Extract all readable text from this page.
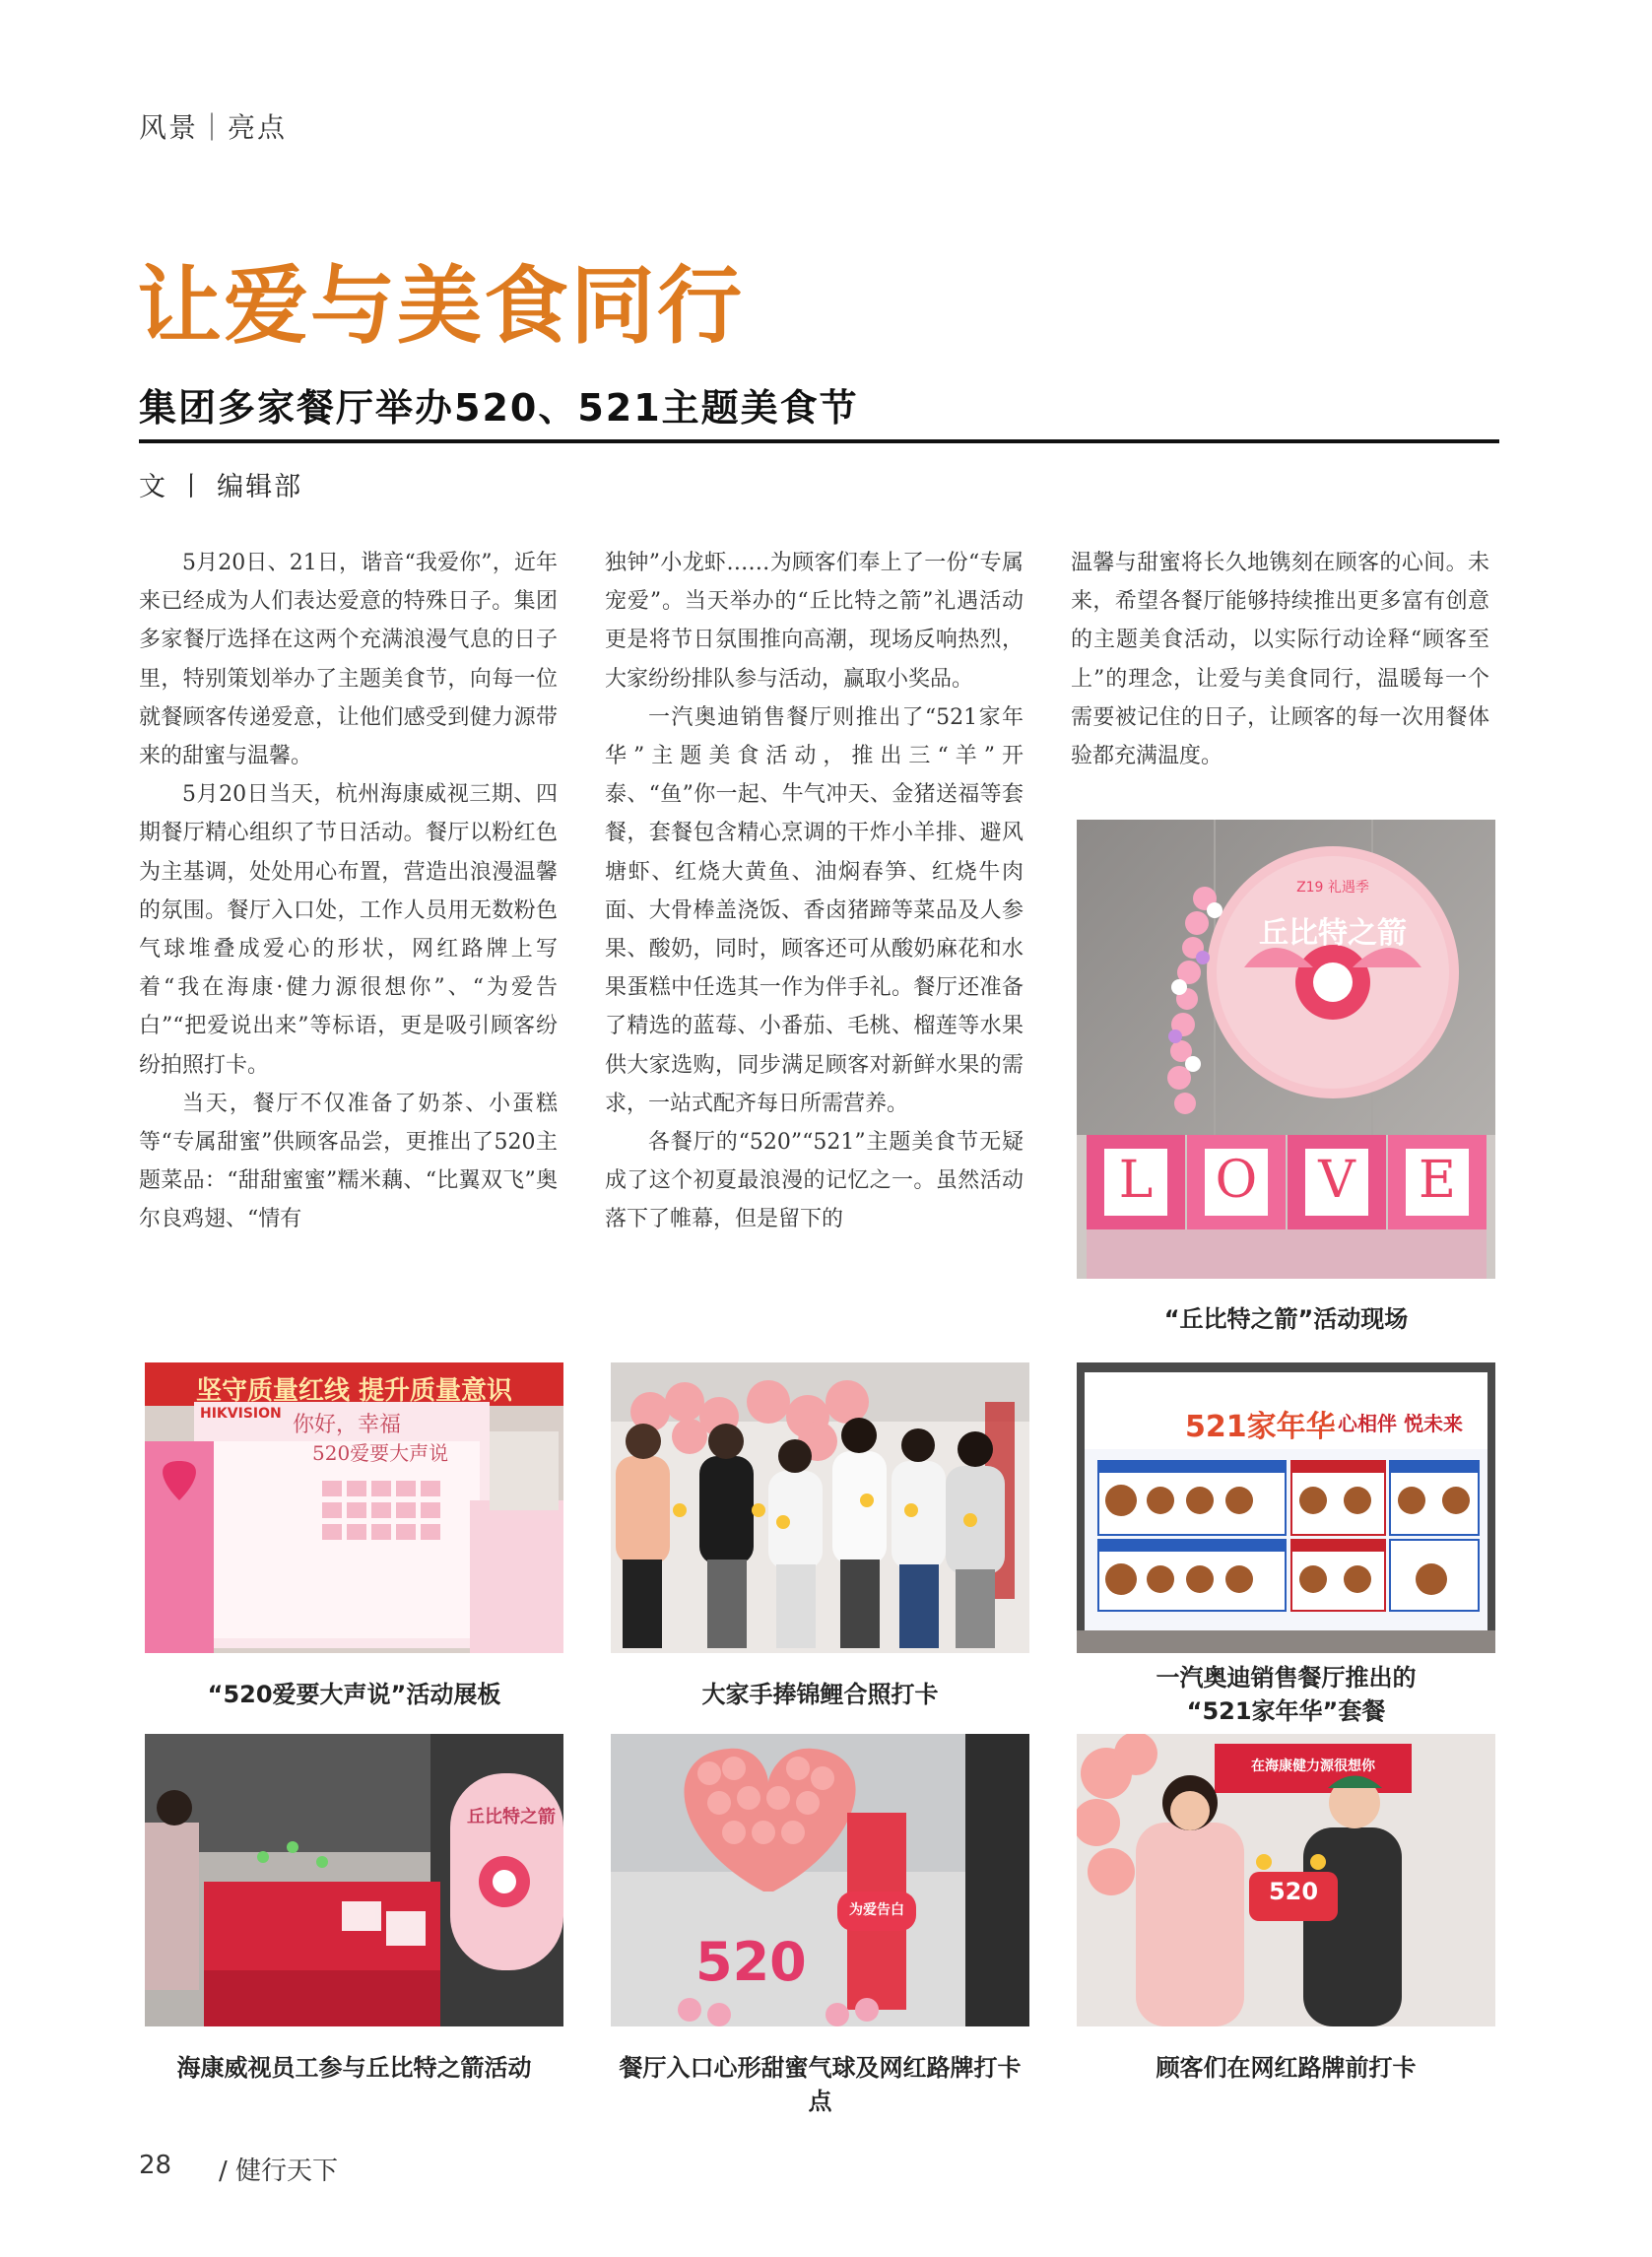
风景｜亮点
让爱与美食同行
集团多家餐厅举办520、521主题美食节
文 丨 编辑部

5月20日、21日，谐音“我爱你”，近年来已经成为人们表达爱意的特殊日子。集团多家餐厅选择在这两个充满浪漫气息的日子里，特别策划举办了主题美食节，向每一位就餐顾客传递爱意，让他们感受到健力源带来的甜蜜与温馨。

5月20日当天，杭州海康威视三期、四期餐厅精心组织了节日活动。餐厅以粉红色为主基调，处处用心布置，营造出浪漫温馨的氛围。餐厅入口处，工作人员用无数粉色气球堆叠成爱心的形状，网红路牌上写着“我在海康·健力源很想你”、“为爱告白”“把爱说出来”等标语，更是吸引顾客纷纷拍照打卡。

当天，餐厅不仅准备了奶茶、小蛋糕等“专属甜蜜”供顾客品尝，更推出了520主题菜品：“甜甜蜜蜜”糯米藕、“比翼双飞”奥尔良鸡翅、“情有

独钟”小龙虾……为顾客们奉上了一份“专属宠爱”。当天举办的“丘比特之箭”礼遇活动更是将节日氛围推向高潮，现场反响热烈，大家纷纷排队参与活动，赢取小奖品。

一汽奥迪销售餐厅则推出了“521家年华”主题美食活动，推出三“羊”开泰、“鱼”你一起、牛气冲天、金猪送福等套餐，套餐包含精心烹调的干炸小羊排、避风塘虾、红烧大黄鱼、油焖春笋、红烧牛肉面、大骨棒盖浇饭、香卤猪蹄等菜品及人参果、酸奶，同时，顾客还可从酸奶麻花和水果蛋糕中任选其一作为伴手礼。餐厅还准备了精选的蓝莓、小番茄、毛桃、榴莲等水果供大家选购，同步满足顾客对新鲜水果的需求，一站式配齐每日所需营养。

各餐厅的“520”“521”主题美食节无疑成了这个初夏最浪漫的记忆之一。虽然活动落下了帷幕，但是留下的

温馨与甜蜜将长久地镌刻在顾客的心间。未来，希望各餐厅能够持续推出更多富有创意的主题美食活动，以实际行动诠释“顾客至上”的理念，让爱与美食同行，温暖每一个需要被记住的日子，让顾客的每一次用餐体验都充满温度。

丘比特之箭
Z19 礼遇季
L O V E
“丘比特之箭”活动现场
坚守质量红线 提升质量意识
HIKVISION 你好，幸福
520爱要大声说
“520爱要大声说”活动展板	大家手捧锦鲤合照打卡
521家年华 心相伴 悦未来
一汽奥迪销售餐厅推出的
“521家年华”套餐
丘比特之箭
海康威视员工参与丘比特之箭活动
520
为爱告白
餐厅入口心形甜蜜气球及网红路牌打卡点
在海康健力源很想你
520
顾客们在网红路牌前打卡
28 / 健行天下
